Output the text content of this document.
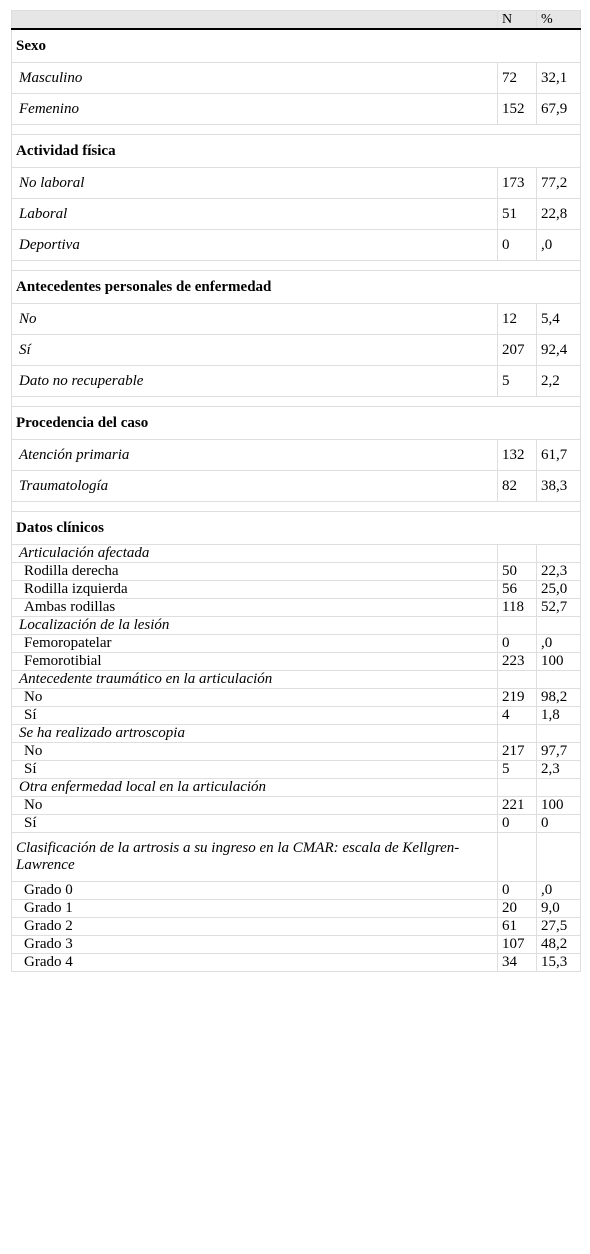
	N	%
Sexo		
Masculino	72	32,1
Femenino	152	67,9

Actividad física		
No laboral	173	77,2
Laboral	51	22,8
Deportiva	0	,0

Antecedentes personales de enfermedad		
No	12	5,4
Sí	207	92,4
Dato no recuperable	5	2,2

Procedencia del caso		
Atención primaria	132	61,7
Traumatología	82	38,3

Datos clínicos		
Articulación afectada		
Rodilla derecha	50	22,3
Rodilla izquierda	56	25,0
Ambas rodillas	118	52,7
Localización de la lesión		
Femoropatelar	0	,0
Femorotibial	223	100
Antecedente traumático en la articulación		
No	219	98,2
Sí	4	1,8
Se ha realizado artroscopia		
No	217	97,7
Sí	5	2,3
Otra enfermedad local en la articulación		
No	221	100
Sí	0	0
Clasificación de la artrosis a su ingreso en la CMAR: escala de Kellgren-Lawrence		
Grado 0	0	,0
Grado 1	20	9,0
Grado 2	61	27,5
Grado 3	107	48,2
Grado 4	34	15,3
